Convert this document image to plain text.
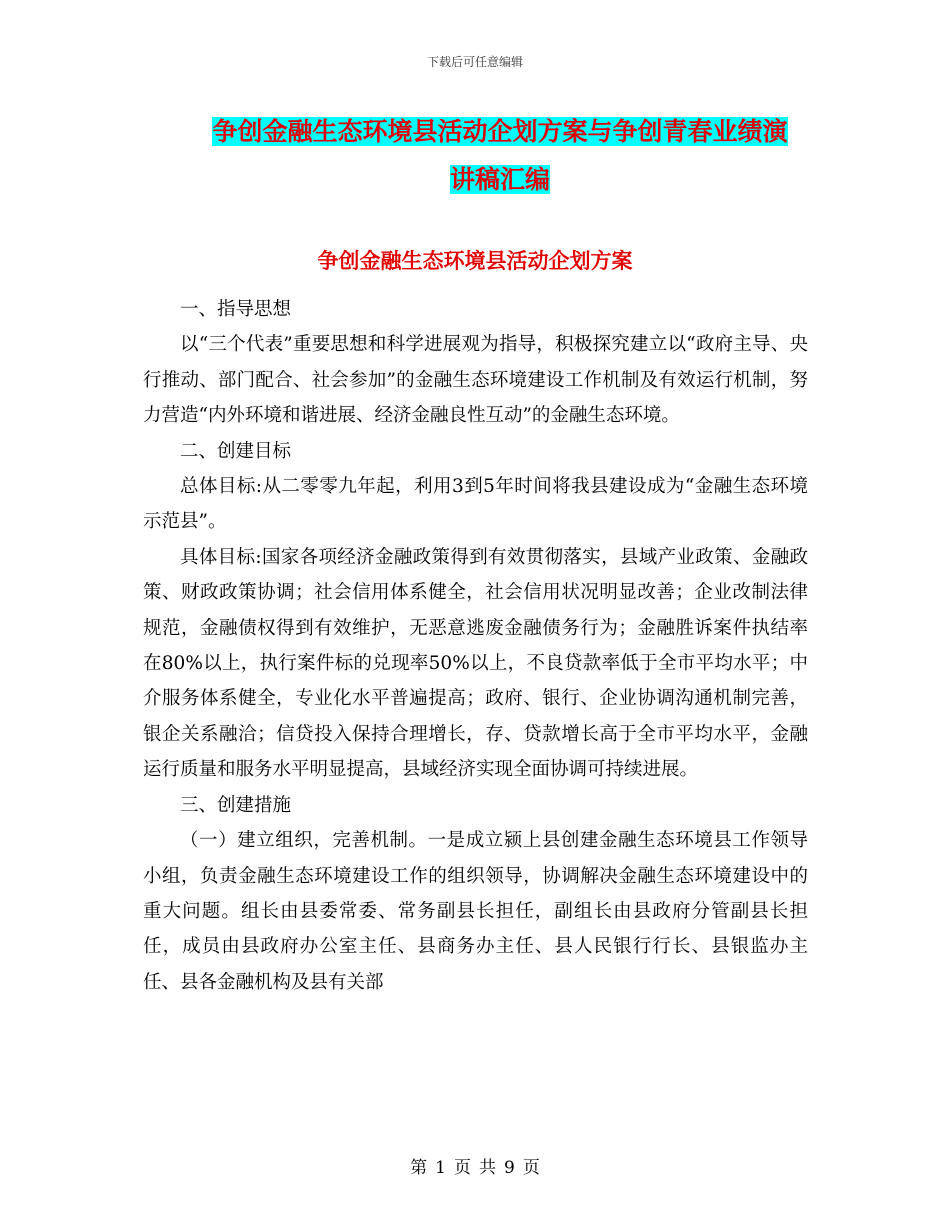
下载后可任意编辑
争创金融生态环境县活动企划方案与争创青春业绩演
讲稿汇编
争创金融生态环境县活动企划方案

一、指导思想

以“三个代表”重要思想和科学进展观为指导，积极探究建立以“政府主导、央行推动、部门配合、社会参加”的金融生态环境建设工作机制及有效运行机制，努力营造“内外环境和谐进展、经济金融良性互动”的金融生态环境。

二、创建目标

总体目标:从二零零九年起，利用3到5年时间将我县建设成为“金融生态环境示范县”。

具体目标:国家各项经济金融政策得到有效贯彻落实，县域产业政策、金融政策、财政政策协调；社会信用体系健全，社会信用状况明显改善；企业改制法律规范，金融债权得到有效维护，无恶意逃废金融债务行为；金融胜诉案件执结率在80%以上，执行案件标的兑现率50%以上，不良贷款率低于全市平均水平；中介服务体系健全，专业化水平普遍提高；政府、银行、企业协调沟通机制完善，银企关系融洽；信贷投入保持合理增长，存、贷款增长高于全市平均水平，金融运行质量和服务水平明显提高，县域经济实现全面协调可持续进展。

三、创建措施

（一）建立组织，完善机制。一是成立颍上县创建金融生态环境县工作领导小组，负责金融生态环境建设工作的组织领导，协调解决金融生态环境建设中的重大问题。组长由县委常委、常务副县长担任，副组长由县政府分管副县长担任，成员由县政府办公室主任、县商务办主任、县人民银行行长、县银监办主任、县各金融机构及县有关部

第 1 页 共 9 页
